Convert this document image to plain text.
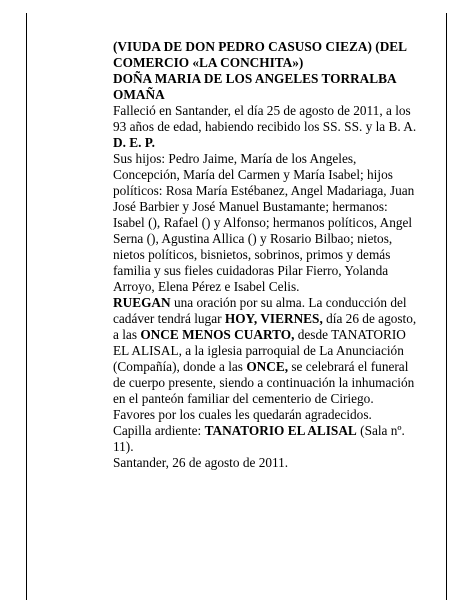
(VIUDA DE DON PEDRO CASUSO CIEZA) (DEL COMERCIO «LA CONCHITA»)

DOÑA MARIA DE LOS ANGELES TORRALBA OMAÑA

Falleció en Santander, el día 25 de agosto de 2011, a los 93 años de edad, habiendo recibido los SS. SS. y la B. A.

D. E. P.

Sus hijos: Pedro Jaime, María de los Angeles, Concepción, María del Carmen y María Isabel; hijos políticos: Rosa María Estébanez, Angel Madariaga, Juan José Barbier y José Manuel Bustamante; hermanos: Isabel (), Rafael () y Alfonso; hermanos políticos, Angel Serna (), Agustina Allica () y Rosario Bilbao; nietos, nietos políticos, bisnietos, sobrinos, primos y demás familia y sus fieles cuidadoras Pilar Fierro, Yolanda Arroyo, Elena Pérez e Isabel Celis.

RUEGAN una oración por su alma. La conducción del cadáver tendrá lugar HOY, VIERNES, día 26 de agosto, a las ONCE MENOS CUARTO, desde TANATORIO EL ALISAL, a la iglesia parroquial de La Anunciación (Compañía), donde a las ONCE, se celebrará el funeral de cuerpo presente, siendo a continuación la inhumación en el panteón familiar del cementerio de Ciriego. Favores por los cuales les quedarán agradecidos.

Capilla ardiente: TANATORIO EL ALISAL (Sala nº. 11).

Santander, 26 de agosto de 2011.
